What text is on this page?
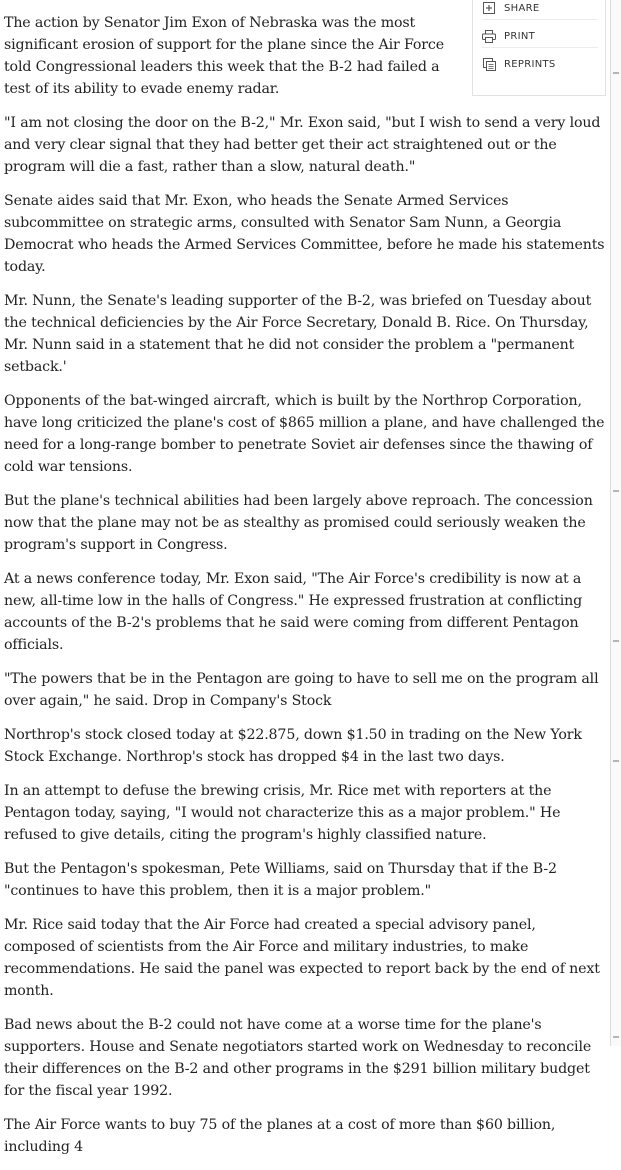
The action by Senator Jim Exon of Nebraska was the most significant erosion of support for the plane since the Air Force told Congressional leaders this week that the B-2 had failed a test of its ability to evade enemy radar.

"I am not closing the door on the B-2," Mr. Exon said, "but I wish to send a very loud and very clear signal that they had better get their act straightened out or the program will die a fast, rather than a slow, natural death."

Senate aides said that Mr. Exon, who heads the Senate Armed Services subcommittee on strategic arms, consulted with Senator Sam Nunn, a Georgia Democrat who heads the Armed Services Committee, before he made his statements today.

Mr. Nunn, the Senate's leading supporter of the B-2, was briefed on Tuesday about the technical deficiencies by the Air Force Secretary, Donald B. Rice. On Thursday, Mr. Nunn said in a statement that he did not consider the problem a "permanent setback.'

Opponents of the bat-winged aircraft, which is built by the Northrop Corporation, have long criticized the plane's cost of $865 million a plane, and have challenged the need for a long-range bomber to penetrate Soviet air defenses since the thawing of cold war tensions.

But the plane's technical abilities had been largely above reproach. The concession now that the plane may not be as stealthy as promised could seriously weaken the program's support in Congress.

At a news conference today, Mr. Exon said, "The Air Force's credibility is now at a new, all-time low in the halls of Congress." He expressed frustration at conflicting accounts of the B-2's problems that he said were coming from different Pentagon officials.

"The powers that be in the Pentagon are going to have to sell me on the program all over again," he said. Drop in Company's Stock

Northrop's stock closed today at $22.875, down $1.50 in trading on the New York Stock Exchange. Northrop's stock has dropped $4 in the last two days.

In an attempt to defuse the brewing crisis, Mr. Rice met with reporters at the Pentagon today, saying, "I would not characterize this as a major problem." He refused to give details, citing the program's highly classified nature.

But the Pentagon's spokesman, Pete Williams, said on Thursday that if the B-2 "continues to have this problem, then it is a major problem."

Mr. Rice said today that the Air Force had created a special advisory panel, composed of scientists from the Air Force and military industries, to make recommendations. He said the panel was expected to report back by the end of next month.

Bad news about the B-2 could not have come at a worse time for the plane's supporters. House and Senate negotiators started work on Wednesday to reconcile their differences on the B-2 and other programs in the $291 billion military budget for the fiscal year 1992.

The Air Force wants to buy 75 of the planes at a cost of more than $60 billion, including 4

SHARE
PRINT
REPRINTS
